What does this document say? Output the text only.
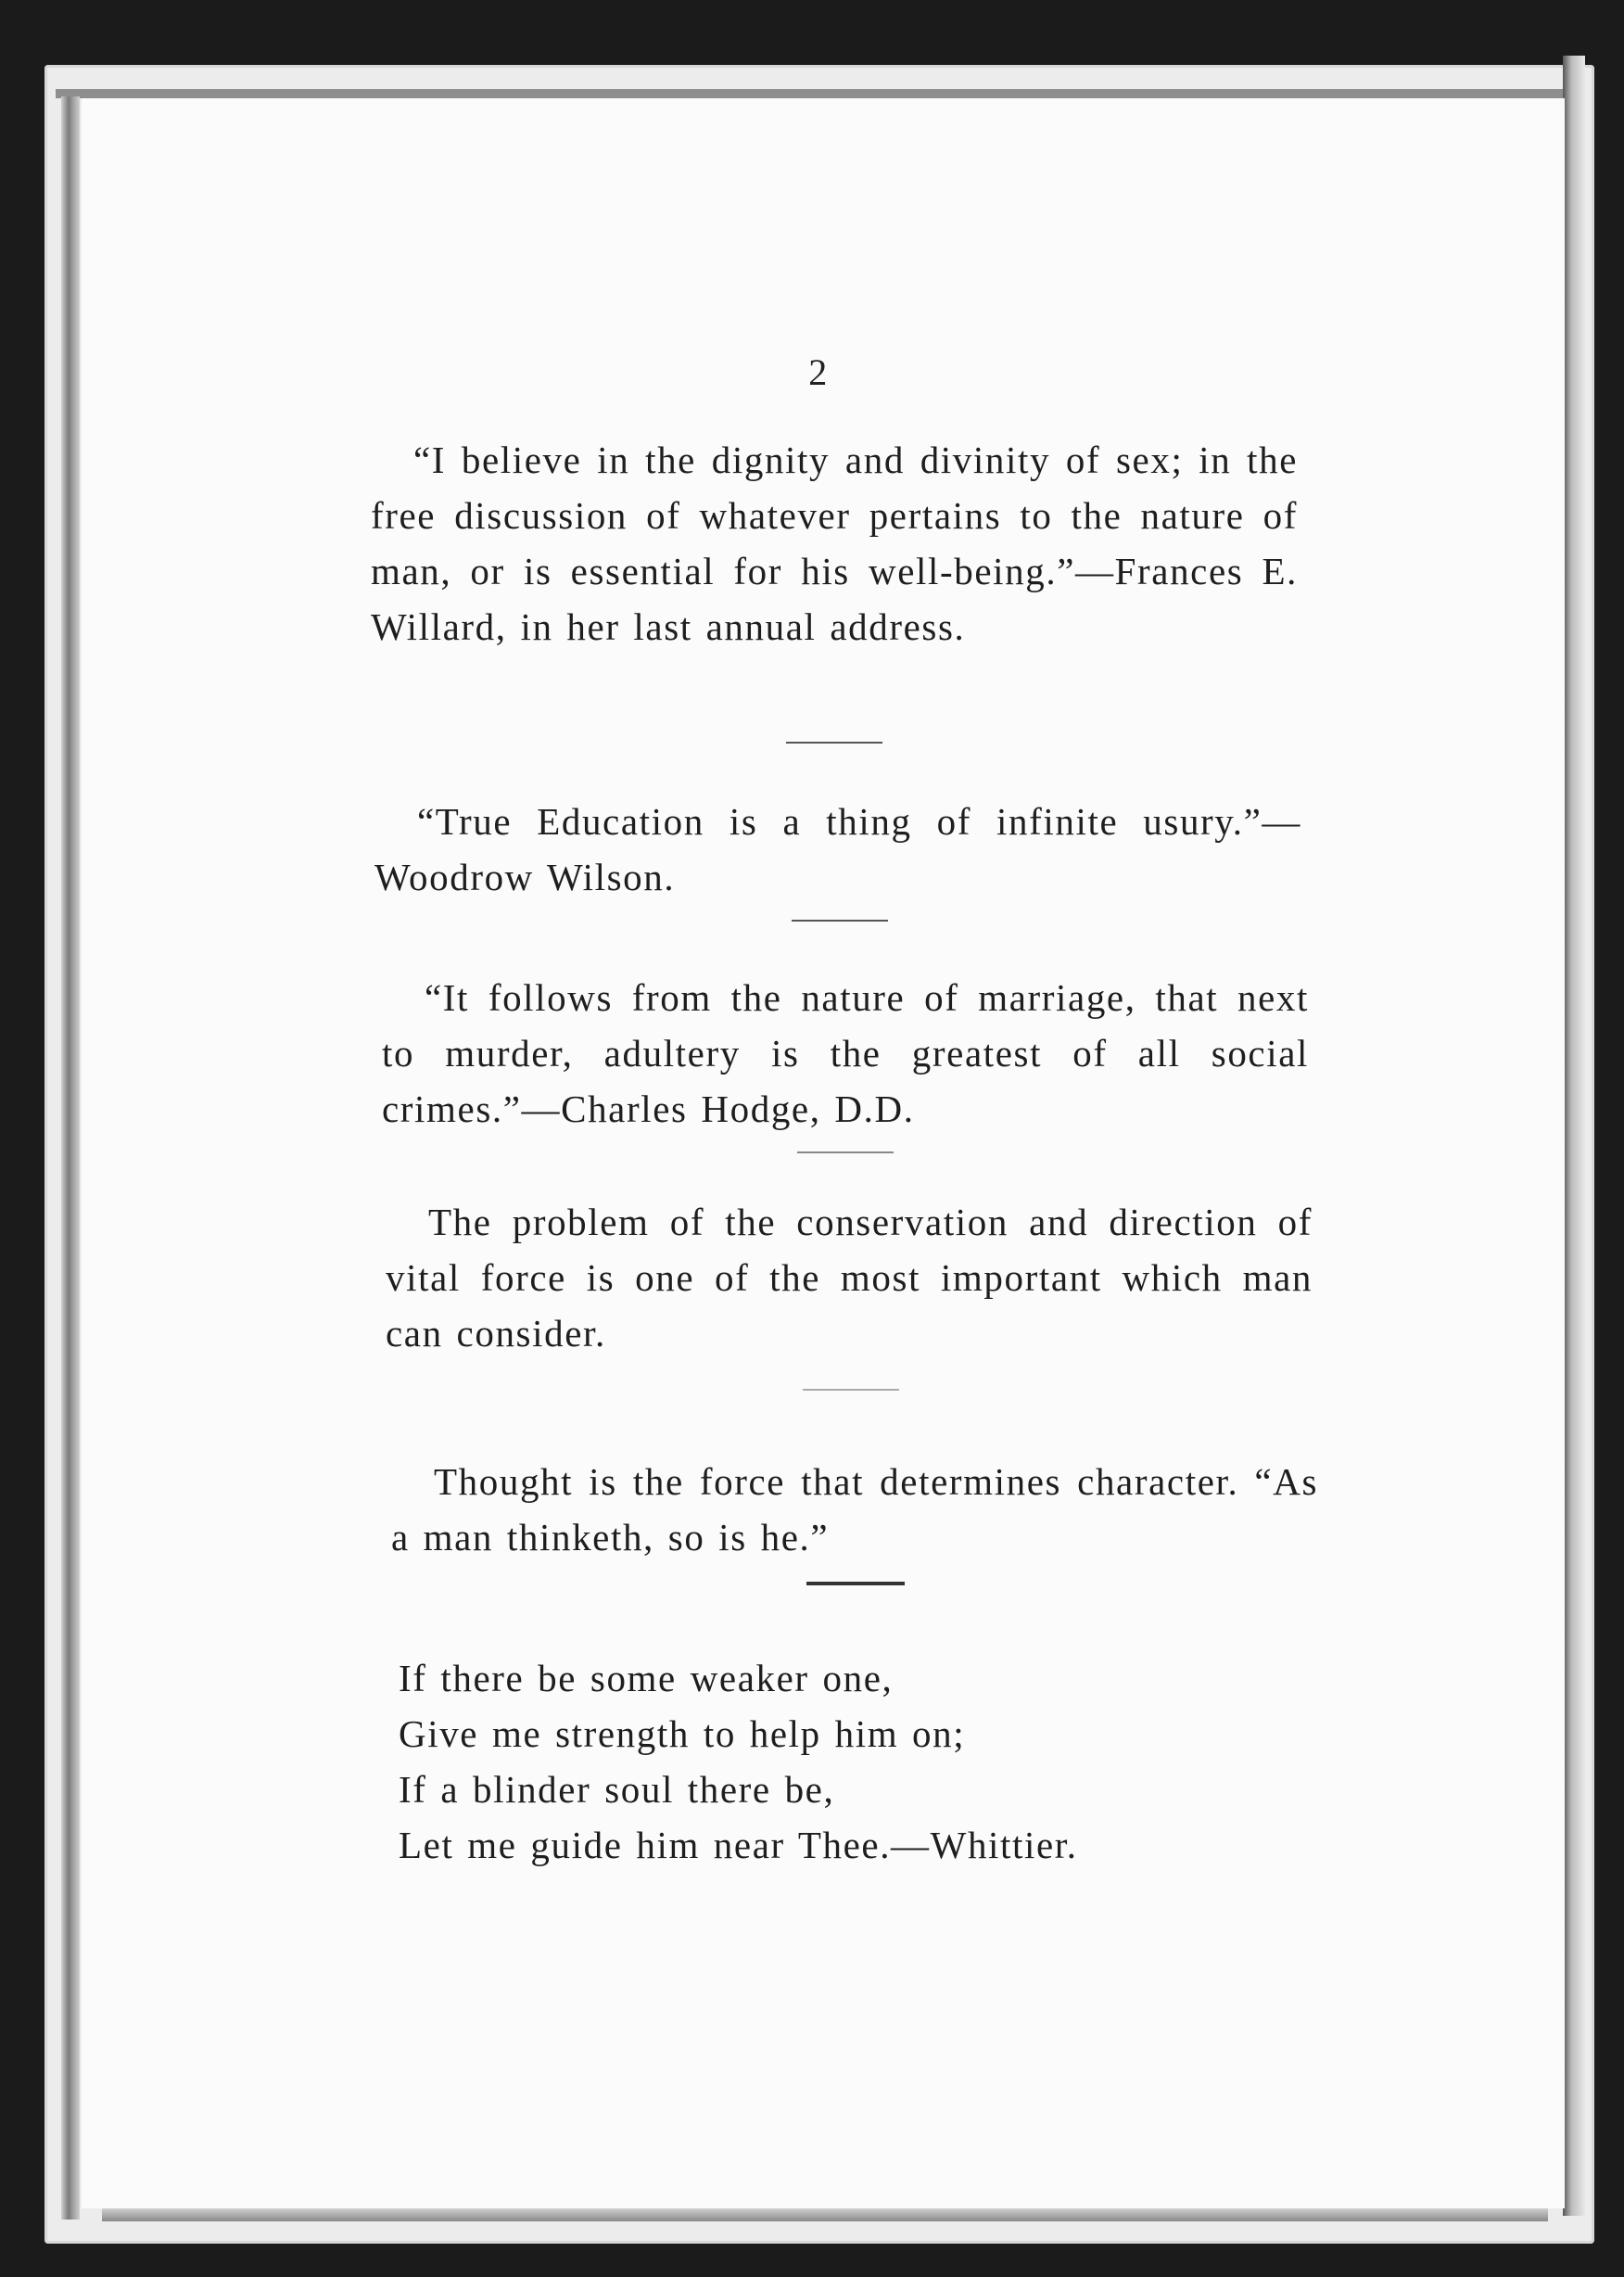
2
“I believe in the dignity and divinity of sex; in the free discussion of whatever pertains to the nature of man, or is essential for his well-being.”—Frances E. Willard, in her last annual address.
“True Education is a thing of infinite usury.”—Woodrow Wilson.
“It follows from the nature of marriage, that next to murder, adultery is the greatest of all social crimes.”—Charles Hodge, D.D.
The problem of the conservation and direction of vital force is one of the most important which man can consider.
Thought is the force that determines character. “As a man thinketh, so is he.”
If there be some weaker one,
Give me strength to help him on;
If a blinder soul there be,
Let me guide him near Thee.—Whittier.
